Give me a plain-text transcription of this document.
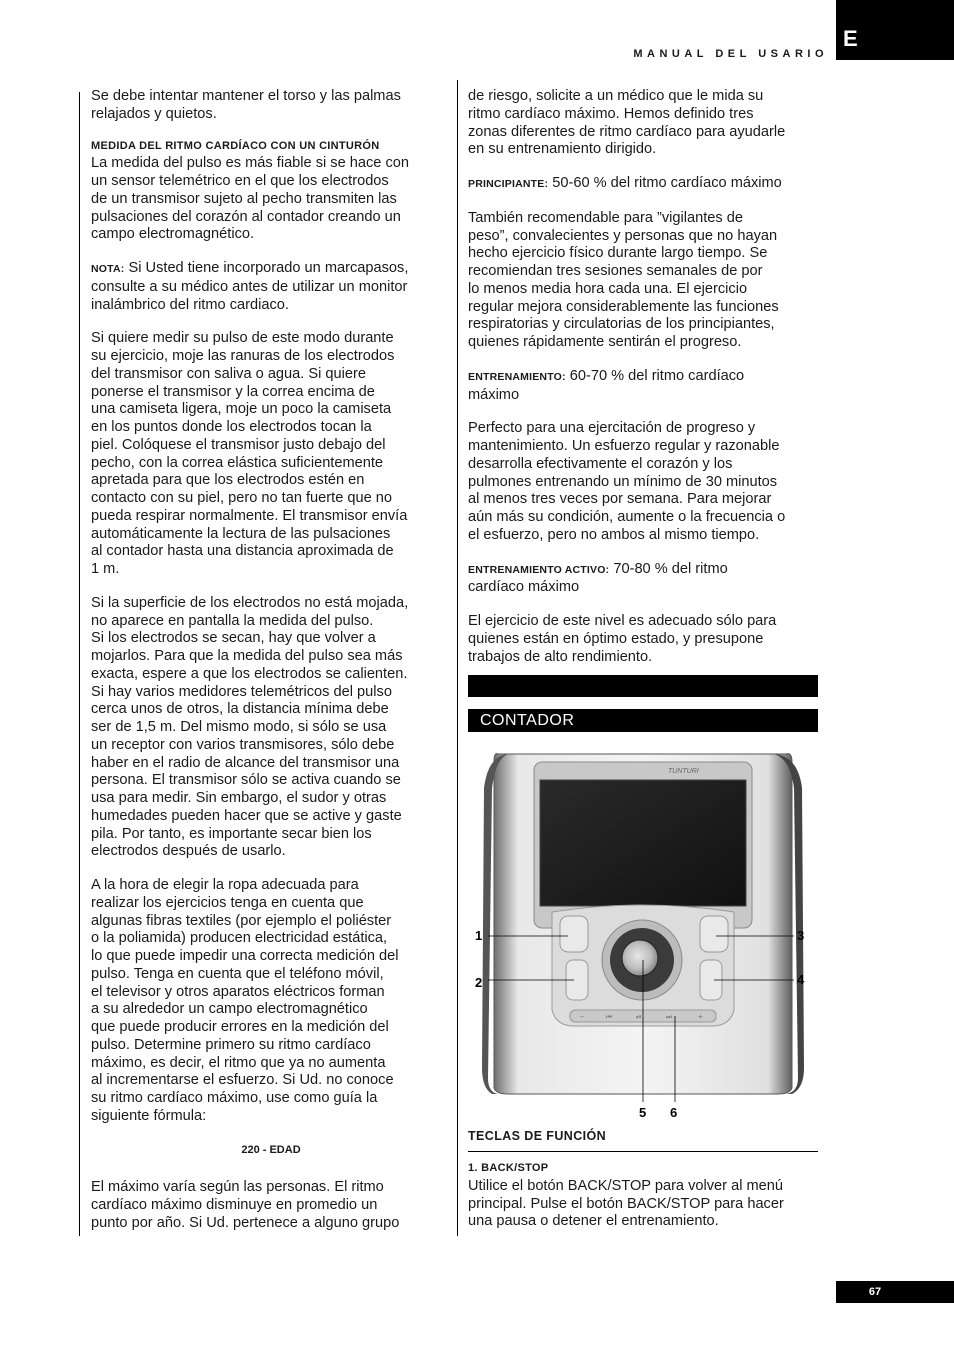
E
MANUAL DEL USARIO

Se debe intentar mantener el torso y las palmas
relajados y quietos.

MEDIDA DEL RITMO CARDÍACO CON UN CINTURÓN

La medida del pulso es más fiable si se hace con
un sensor telemétrico en el que los electrodos
de un transmisor sujeto al pecho transmiten las
pulsaciones del corazón al contador creando un
campo electromagnético.

NOTA: Si Usted tiene incorporado un marcapasos,
consulte a su médico antes de utilizar un monitor
inalámbrico del ritmo cardiaco.

Si quiere medir su pulso de este modo durante
su ejercicio, moje las ranuras de los electrodos
del transmisor con saliva o agua. Si quiere
ponerse el transmisor y la correa encima de
una camiseta ligera, moje un poco la camiseta
en los puntos donde los electrodos tocan la
piel. Colóquese el transmisor justo debajo del
pecho, con la correa elástica suficientemente
apretada para que los electrodos estén en
contacto con su piel, pero no tan fuerte que no
pueda respirar normalmente. El transmisor envía
automáticamente la lectura de las pulsaciones
al contador hasta una distancia aproximada de
1 m.

Si la superficie de los electrodos no está mojada,
no aparece en pantalla la medida del pulso.
Si los electrodos se secan, hay que volver a
mojarlos. Para que la medida del pulso sea más
exacta, espere a que los electrodos se calienten.
Si hay varios medidores telemétricos del pulso
cerca unos de otros, la distancia mínima debe
ser de 1,5 m. Del mismo modo, si sólo se usa
un receptor con varios transmisores, sólo debe
haber en el radio de alcance del transmisor una
persona. El transmisor sólo se activa cuando se
usa para medir. Sin embargo, el sudor y otras
humedades pueden hacer que se active y gaste
pila. Por tanto, es importante secar bien los
electrodos después de usarlo.

A la hora de elegir la ropa adecuada para
realizar los ejercicios tenga en cuenta que
algunas fibras textiles (por ejemplo el poliéster
o la poliamida) producen electricidad estática,
lo que puede impedir una correcta medición del
pulso. Tenga en cuenta que el teléfono móvil,
el televisor y otros aparatos eléctricos forman
a su alrededor un campo electromagnético
que puede producir errores en la medición del
pulso. Determine primero su ritmo cardíaco
máximo, es decir, el ritmo que ya no aumenta
al incrementarse el esfuerzo. Si Ud. no conoce
su ritmo cardíaco máximo, use como guía la
siguiente fórmula:

220 - EDAD

El máximo varía según las personas. El ritmo
cardíaco máximo disminuye en promedio un
punto por año. Si Ud. pertenece a alguno grupo

de riesgo, solicite a un médico que le mida su
ritmo cardíaco máximo. Hemos definido tres
zonas diferentes de ritmo cardíaco para ayudarle
en su entrenamiento dirigido.

PRINCIPIANTE: 50-60 % del ritmo cardíaco máximo

También recomendable para ”vigilantes de
peso”, convalecientes y personas que no hayan
hecho ejercicio físico durante largo tiempo. Se
recomiendan tres sesiones semanales de por
lo menos media hora cada una. El ejercicio
regular mejora considerablemente las funciones
respiratorias y circulatorias de los principiantes,
quienes rápidamente sentirán el progreso.

ENTRENAMIENTO: 60-70 % del ritmo cardíaco
máximo

Perfecto para una ejercitación de progreso y
mantenimiento. Un esfuerzo regular y razonable
desarrolla efectivamente el corazón y los
pulmones entrenando un mínimo de 30 minutos
al menos tres veces por semana. Para mejorar
aún más su condición, aumente o la frecuencia o
el esfuerzo, pero no ambos al mismo tiempo.

ENTRENAMIENTO ACTIVO: 70-80 % del ritmo
cardíaco máximo

El ejercicio de este nivel es adecuado sólo para
quienes están en óptimo estado, y presupone
trabajos de alto rendimiento.

CONTADOR
TUNTURI
–	⏮	⏯	⏭	+
1
2
3
4
5 6
TECLAS DE FUNCIÓN

1. BACK/STOP

Utilice el botón BACK/STOP para volver al menú
principal. Pulse el botón BACK/STOP para hacer
una pausa o detener el entrenamiento.

67
